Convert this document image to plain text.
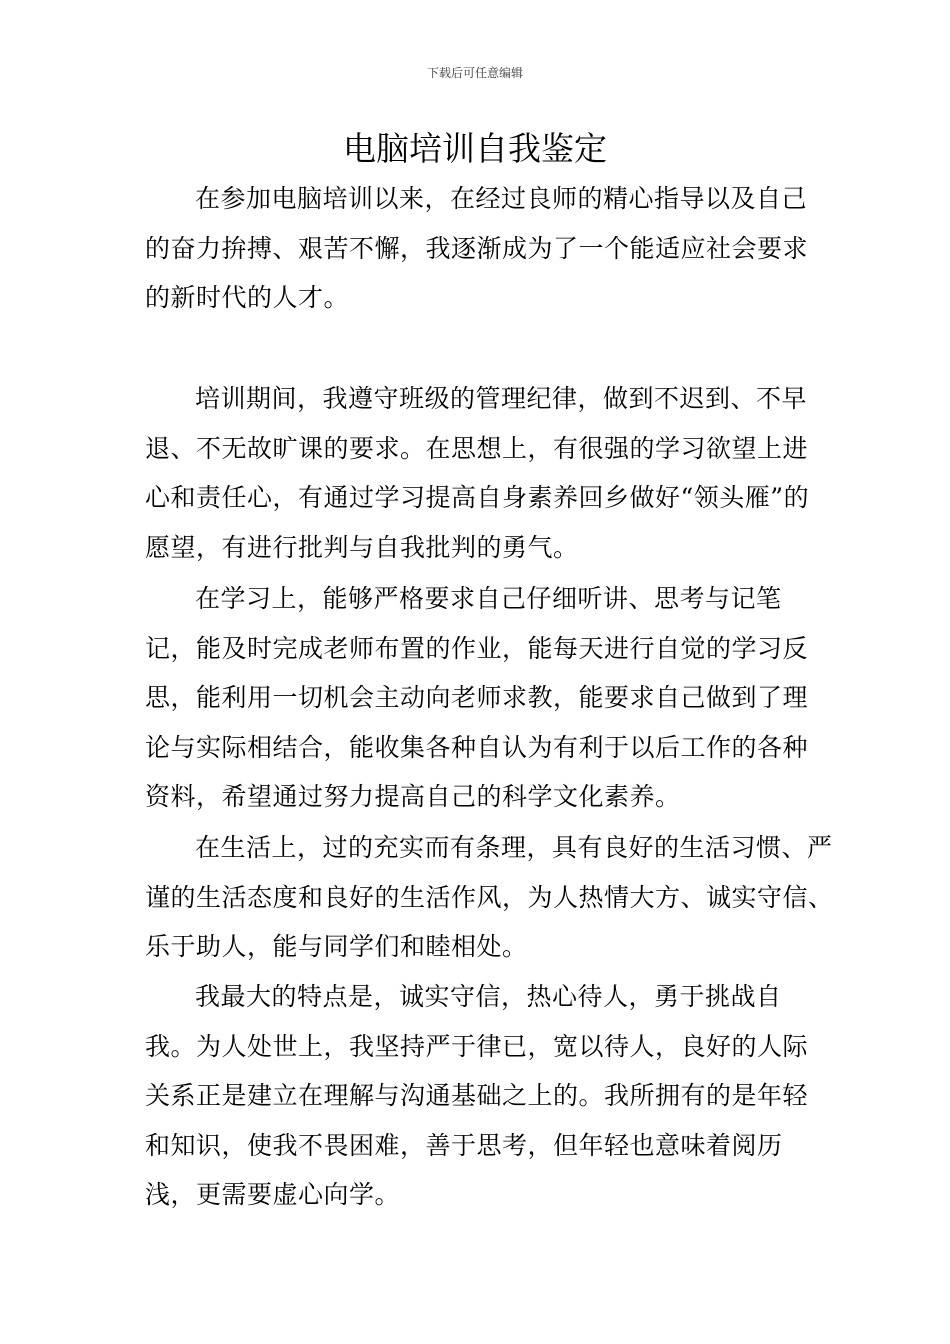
下载后可任意编辑
电脑培训自我鉴定

在参加电脑培训以来，在经过良师的精心指导以及自己的奋力拚搏、艰苦不懈，我逐渐成为了一个能适应社会要求的新时代的人才。

培训期间，我遵守班级的管理纪律，做到不迟到、不早退、不无故旷课的要求。在思想上，有很强的学习欲望上进心和责任心，有通过学习提高自身素养回乡做好“领头雁”的愿望，有进行批判与自我批判的勇气。

在学习上，能够严格要求自己仔细听讲、思考与记笔记，能及时完成老师布置的作业，能每天进行自觉的学习反思，能利用一切机会主动向老师求教，能要求自己做到了理论与实际相结合，能收集各种自认为有利于以后工作的各种资料，希望通过努力提高自己的科学文化素养。

在生活上，过的充实而有条理，具有良好的生活习惯、严谨的生活态度和良好的生活作风，为人热情大方、诚实守信、乐于助人，能与同学们和睦相处。

我最大的特点是，诚实守信，热心待人，勇于挑战自我。为人处世上，我坚持严于律已，宽以待人，良好的人际关系正是建立在理解与沟通基础之上的。我所拥有的是年轻和知识，使我不畏困难，善于思考，但年轻也意味着阅历浅，更需要虚心向学。
